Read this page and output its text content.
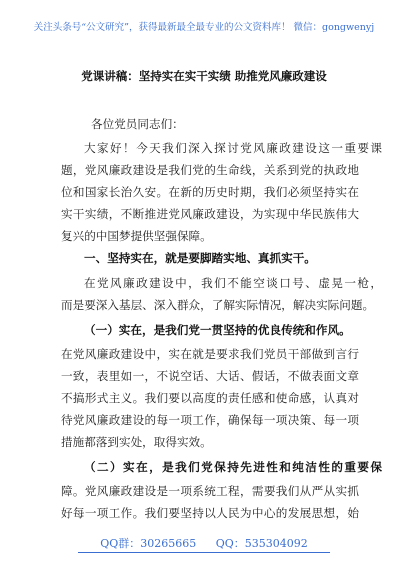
关注头条号“公文研究”，获得最新最全最专业的公文资料库！ 微信：gongwenyj
党课讲稿：坚持实在实干实绩 助推党风廉政建设
各位党员同志们：
大家好！今天我们深入探讨党风廉政建设这一重要课
题，党风廉政建设是我们党的生命线，关系到党的执政地
位和国家长治久安。在新的历史时期，我们必须坚持实在
实干实绩，不断推进党风廉政建设，为实现中华民族伟大
复兴的中国梦提供坚强保障。
一、坚持实在，就是要脚踏实地、真抓实干。
在党风廉政建设中，我们不能空谈口号、虚晃一枪，
而是要深入基层、深入群众，了解实际情况，解决实际问题。
（一）实在，是我们党一贯坚持的优良传统和作风。
在党风廉政建设中，实在就是要求我们党员干部做到言行
一致，表里如一，不说空话、大话、假话，不做表面文章
不搞形式主义。我们要以高度的责任感和使命感，认真对
待党风廉政建设的每一项工作，确保每一项决策、每一项
措施都落到实处，取得实效。
（二）实在，是我们党保持先进性和纯洁性的重要保
障。党风廉政建设是一项系统工程，需要我们从严从实抓
好每一项工作。我们要坚持以人民为中心的发展思想，始
QQ群：30265665 QQ：535304092
